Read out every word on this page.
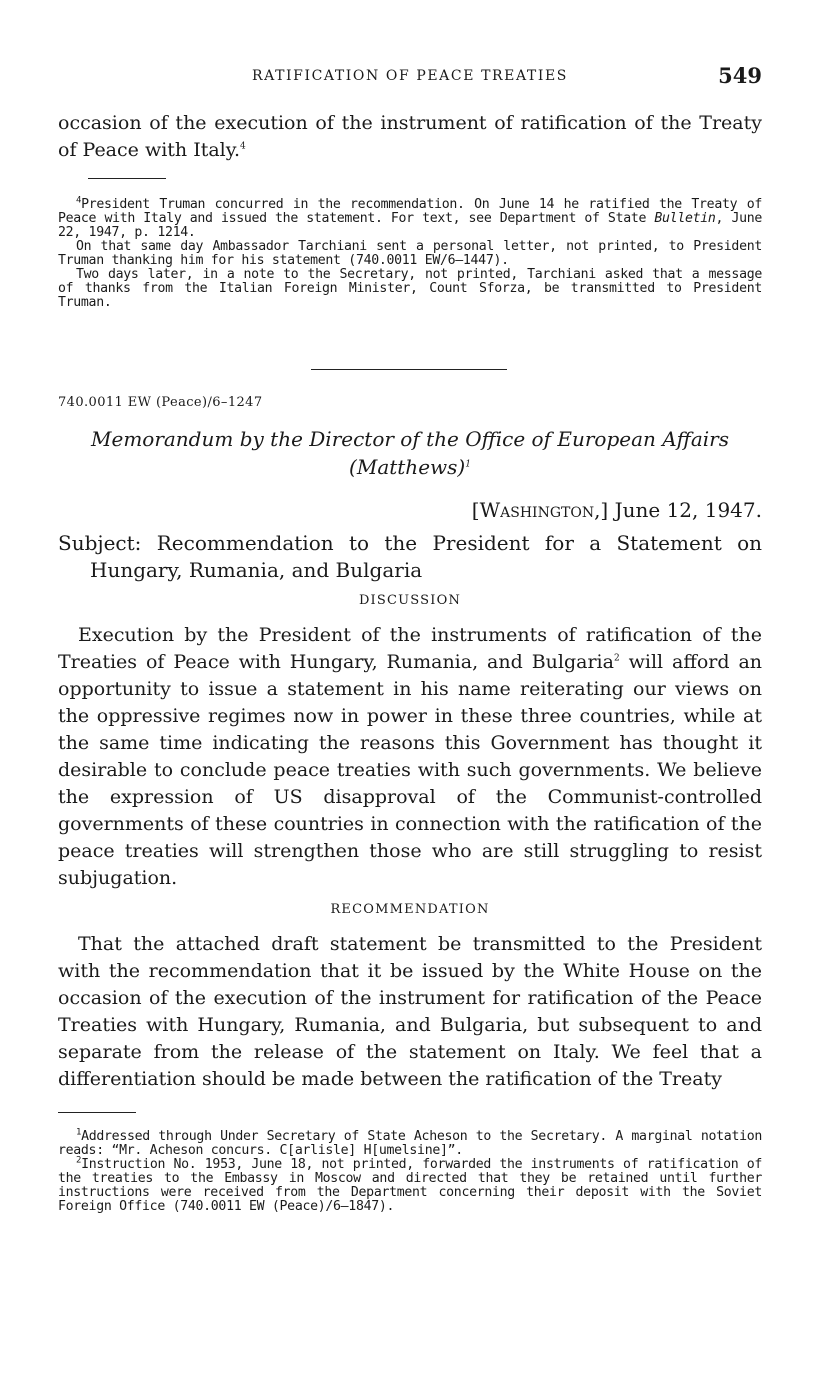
RATIFICATION OF PEACE TREATIES	549

occasion of the execution of the instrument of ratification of the Treaty of Peace with Italy.$^4$

$^4$President Truman concurred in the recommendation. On June 14 he ratified the Treaty of Peace with Italy and issued the statement. For text, see Department of State Bulletin, June 22, 1947, p. 1214.

On that same day Ambassador Tarchiani sent a personal letter, not printed, to President Truman thanking him for his statement (740.0011 EW/6–1447).

Two days later, in a note to the Secretary, not printed, Tarchiani asked that a message of thanks from the Italian Foreign Minister, Count Sforza, be transmitted to President Truman.

740.0011 EW (Peace)/6–1247
Memorandum by the Director of the Office of European Affairs
(Matthews)$^1$
[Washington,] June 12, 1947.
Subject: Recommendation to the President for a Statement on Hungary, Rumania, and Bulgaria
DISCUSSION

Execution by the President of the instruments of ratification of the Treaties of Peace with Hungary, Rumania, and Bulgaria$^2$ will afford an opportunity to issue a statement in his name reiterating our views on the oppressive regimes now in power in these three countries, while at the same time indicating the reasons this Government has thought it desirable to conclude peace treaties with such governments. We believe the expression of US disapproval of the Communist-controlled governments of these countries in connection with the ratification of the peace treaties will strengthen those who are still struggling to resist subjugation.

RECOMMENDATION

That the attached draft statement be transmitted to the President with the recommendation that it be issued by the White House on the occasion of the execution of the instrument for ratification of the Peace Treaties with Hungary, Rumania, and Bulgaria, but subsequent to and separate from the release of the statement on Italy. We feel that a differentiation should be made between the ratification of the Treaty

$^1$Addressed through Under Secretary of State Acheson to the Secretary. A marginal notation reads: “Mr. Acheson concurs. C[arlisle] H[umelsine]”.

$^2$Instruction No. 1953, June 18, not printed, forwarded the instruments of ratification of the treaties to the Embassy in Moscow and directed that they be retained until further instructions were received from the Department concerning their deposit with the Soviet Foreign Office (740.0011 EW (Peace)/6–1847).
